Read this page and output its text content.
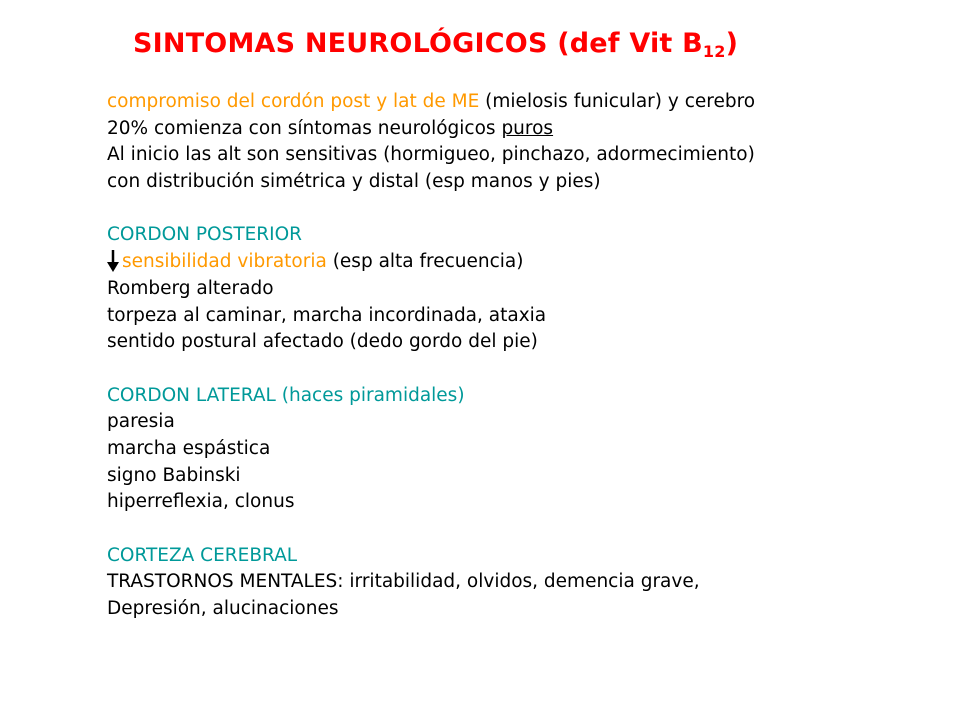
SINTOMAS NEUROLÓGICOS (def Vit $B_{12}$)
compromiso del cordón post y lat de ME (mielosis funicular) y cerebro
20% comienza con síntomas neurológicos puros
Al inicio las alt son sensitivas (hormigueo, pinchazo, adormecimiento)
con distribución simétrica y distal (esp manos y pies)
CORDON POSTERIOR
sensibilidad vibratoria (esp alta frecuencia)
Romberg alterado
torpeza al caminar, marcha incordinada, ataxia
sentido postural afectado (dedo gordo del pie)
CORDON LATERAL (haces piramidales)
paresia
marcha espástica
signo Babinski
hiperreflexia, clonus
CORTEZA CEREBRAL
TRASTORNOS MENTALES: irritabilidad, olvidos, demencia grave,
Depresión, alucinaciones
